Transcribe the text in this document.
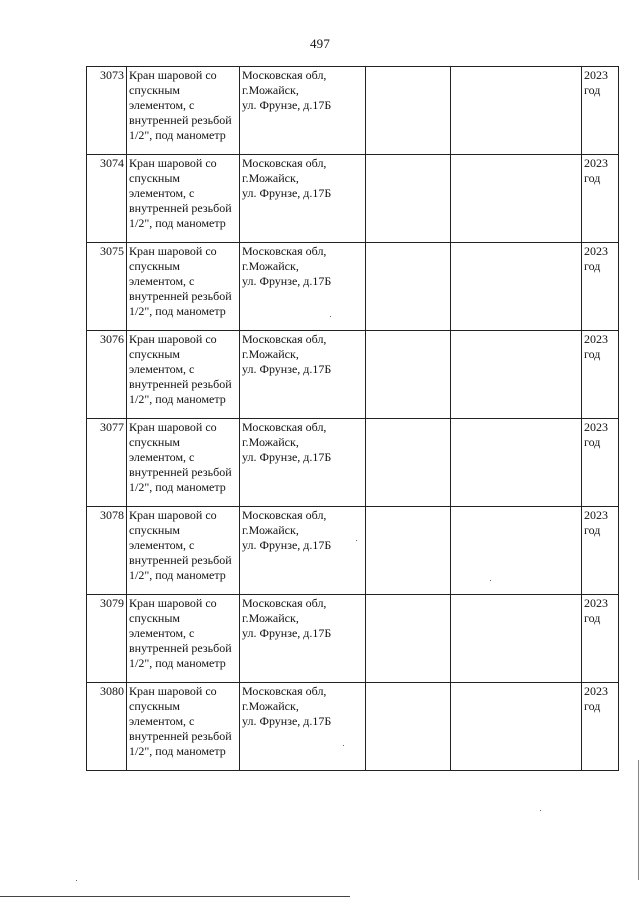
497
3073	Кран шаровой со спускным элементом, с внутренней резьбой 1/2", под манометр	Московская обл,
г.Можайск,
ул. Фрунзе, д.17Б			2023
год

3074	Кран шаровой со спускным элементом, с внутренней резьбой 1/2", под манометр	Московская обл,
г.Можайск,
ул. Фрунзе, д.17Б			2023
год

3075	Кран шаровой со спускным элементом, с внутренней резьбой 1/2", под манометр	Московская обл,
г.Можайск,
ул. Фрунзе, д.17Б			2023
год

3076	Кран шаровой со спускным элементом, с внутренней резьбой 1/2", под манометр	Московская обл,
г.Можайск,
ул. Фрунзе, д.17Б			2023
год

3077	Кран шаровой со спускным элементом, с внутренней резьбой 1/2", под манометр	Московская обл,
г.Можайск,
ул. Фрунзе, д.17Б			2023
год

3078	Кран шаровой со спускным элементом, с внутренней резьбой 1/2", под манометр	Московская обл,
г.Можайск,
ул. Фрунзе, д.17Б			2023
год

3079	Кран шаровой со спускным элементом, с внутренней резьбой 1/2", под манометр	Московская обл,
г.Можайск,
ул. Фрунзе, д.17Б			2023
год

3080	Кран шаровой со спускным элементом, с внутренней резьбой 1/2", под манометр	Московская обл,
г.Можайск,
ул. Фрунзе, д.17Б			2023
год
